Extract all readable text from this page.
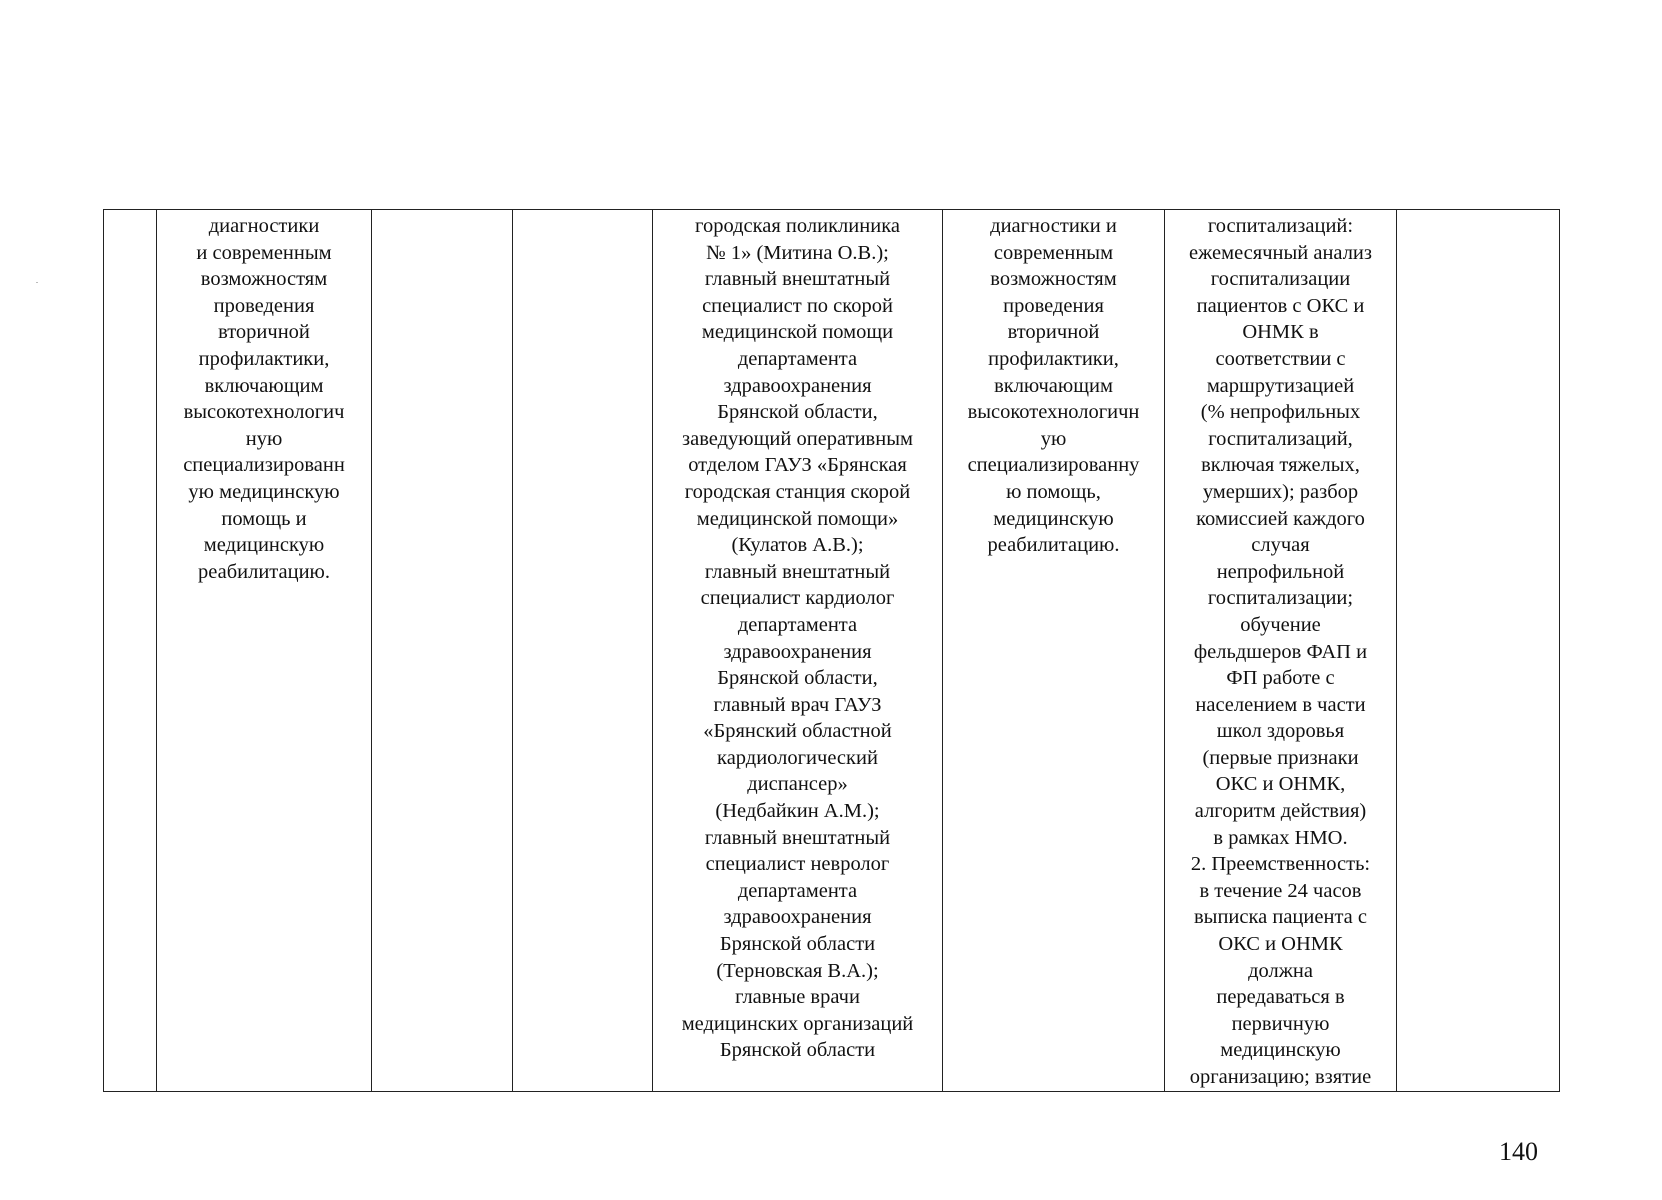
диагностики
и современным
возможностям
проведения
вторичной
профилактики,
включающим
высокотехнологич
ную
специализированн
ую медицинскую
помощь и
медицинскую
реабилитацию.
городская поликлиника
№ 1» (Митина О.В.);
главный внештатный
специалист по скорой
медицинской помощи
департамента
здравоохранения
Брянской области,
заведующий оперативным
отделом ГАУЗ «Брянская
городская станция скорой
медицинской помощи»
(Кулатов А.В.);
главный внештатный
специалист кардиолог
департамента
здравоохранения
Брянской области,
главный врач ГАУЗ
«Брянский областной
кардиологический
диспансер»
(Недбайкин А.М.);
главный внештатный
специалист невролог
департамента
здравоохранения
Брянской области
(Терновская В.А.);
главные врачи
медицинских организаций
Брянской области
диагностики и
современным
возможностям
проведения
вторичной
профилактики,
включающим
высокотехнологичн
ую
специализированну
ю помощь,
медицинскую
реабилитацию.
госпитализаций:
ежемесячный анализ
госпитализации
пациентов с ОКС и
ОНМК в
соответствии с
маршрутизацией
(% непрофильных
госпитализаций,
включая тяжелых,
умерших); разбор
комиссией каждого
случая
непрофильной
госпитализации;
обучение
фельдшеров ФАП и
ФП работе с
населением в части
школ здоровья
(первые признаки
ОКС и ОНМК,
алгоритм действия)
в рамках НМО.
2. Преемственность:
в течение 24 часов
выписка пациента с
ОКС и ОНМК
должна
передаваться в
первичную
медицинскую
организацию; взятие
140
